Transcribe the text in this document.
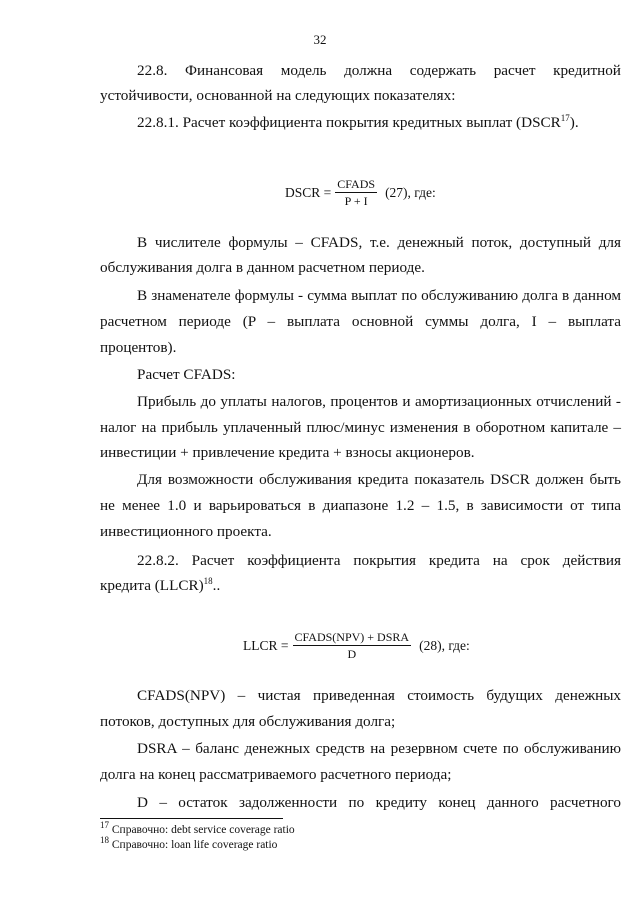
32
22.8. Финансовая модель должна содержать расчет кредитной
устойчивости, основанной на следующих показателях:
22.8.1. Расчет коэффициента покрытия кредитных выплат (DSCR$^{17}$).
DSCR = $\frac{\text{CFADS}}{P + I} (27)$, где:
В числителе формулы – CFADS, т.е. денежный поток, доступный для
обслуживания долга в данном расчетном периоде.
В знаменателе формулы - сумма выплат по обслуживанию долга в данном
расчетном периоде (P – выплата основной суммы долга, I – выплата
процентов).
Расчет CFADS:
Прибыль до уплаты налогов, процентов и амортизационных отчислений -
налог на прибыль уплаченный плюс/минус изменения в оборотном капитале –
инвестиции + привлечение кредита + взносы акционеров.
Для возможности обслуживания кредита показатель DSCR должен быть
не менее 1.0 и варьироваться в диапазоне 1.2 – 1.5, в зависимости от типа
инвестиционного проекта.
22.8.2. Расчет коэффициента покрытия кредита на срок действия
кредита (LLCR)$^{18}$..
LLCR = $\frac{\text{CFADS(NPV) + DSRA}}{D} (28)$, где:
CFADS(NPV) – чистая приведенная стоимость будущих денежных
потоков, доступных для обслуживания долга;
DSRA – баланс денежных средств на резервном счете по обслуживанию
долга на конец рассматриваемого расчетного периода;
D – остаток задолженности по кредиту конец данного расчетного
$^{17}$ Справочно: debt service coverage ratio
$^{18}$ Справочно: loan life coverage ratio
